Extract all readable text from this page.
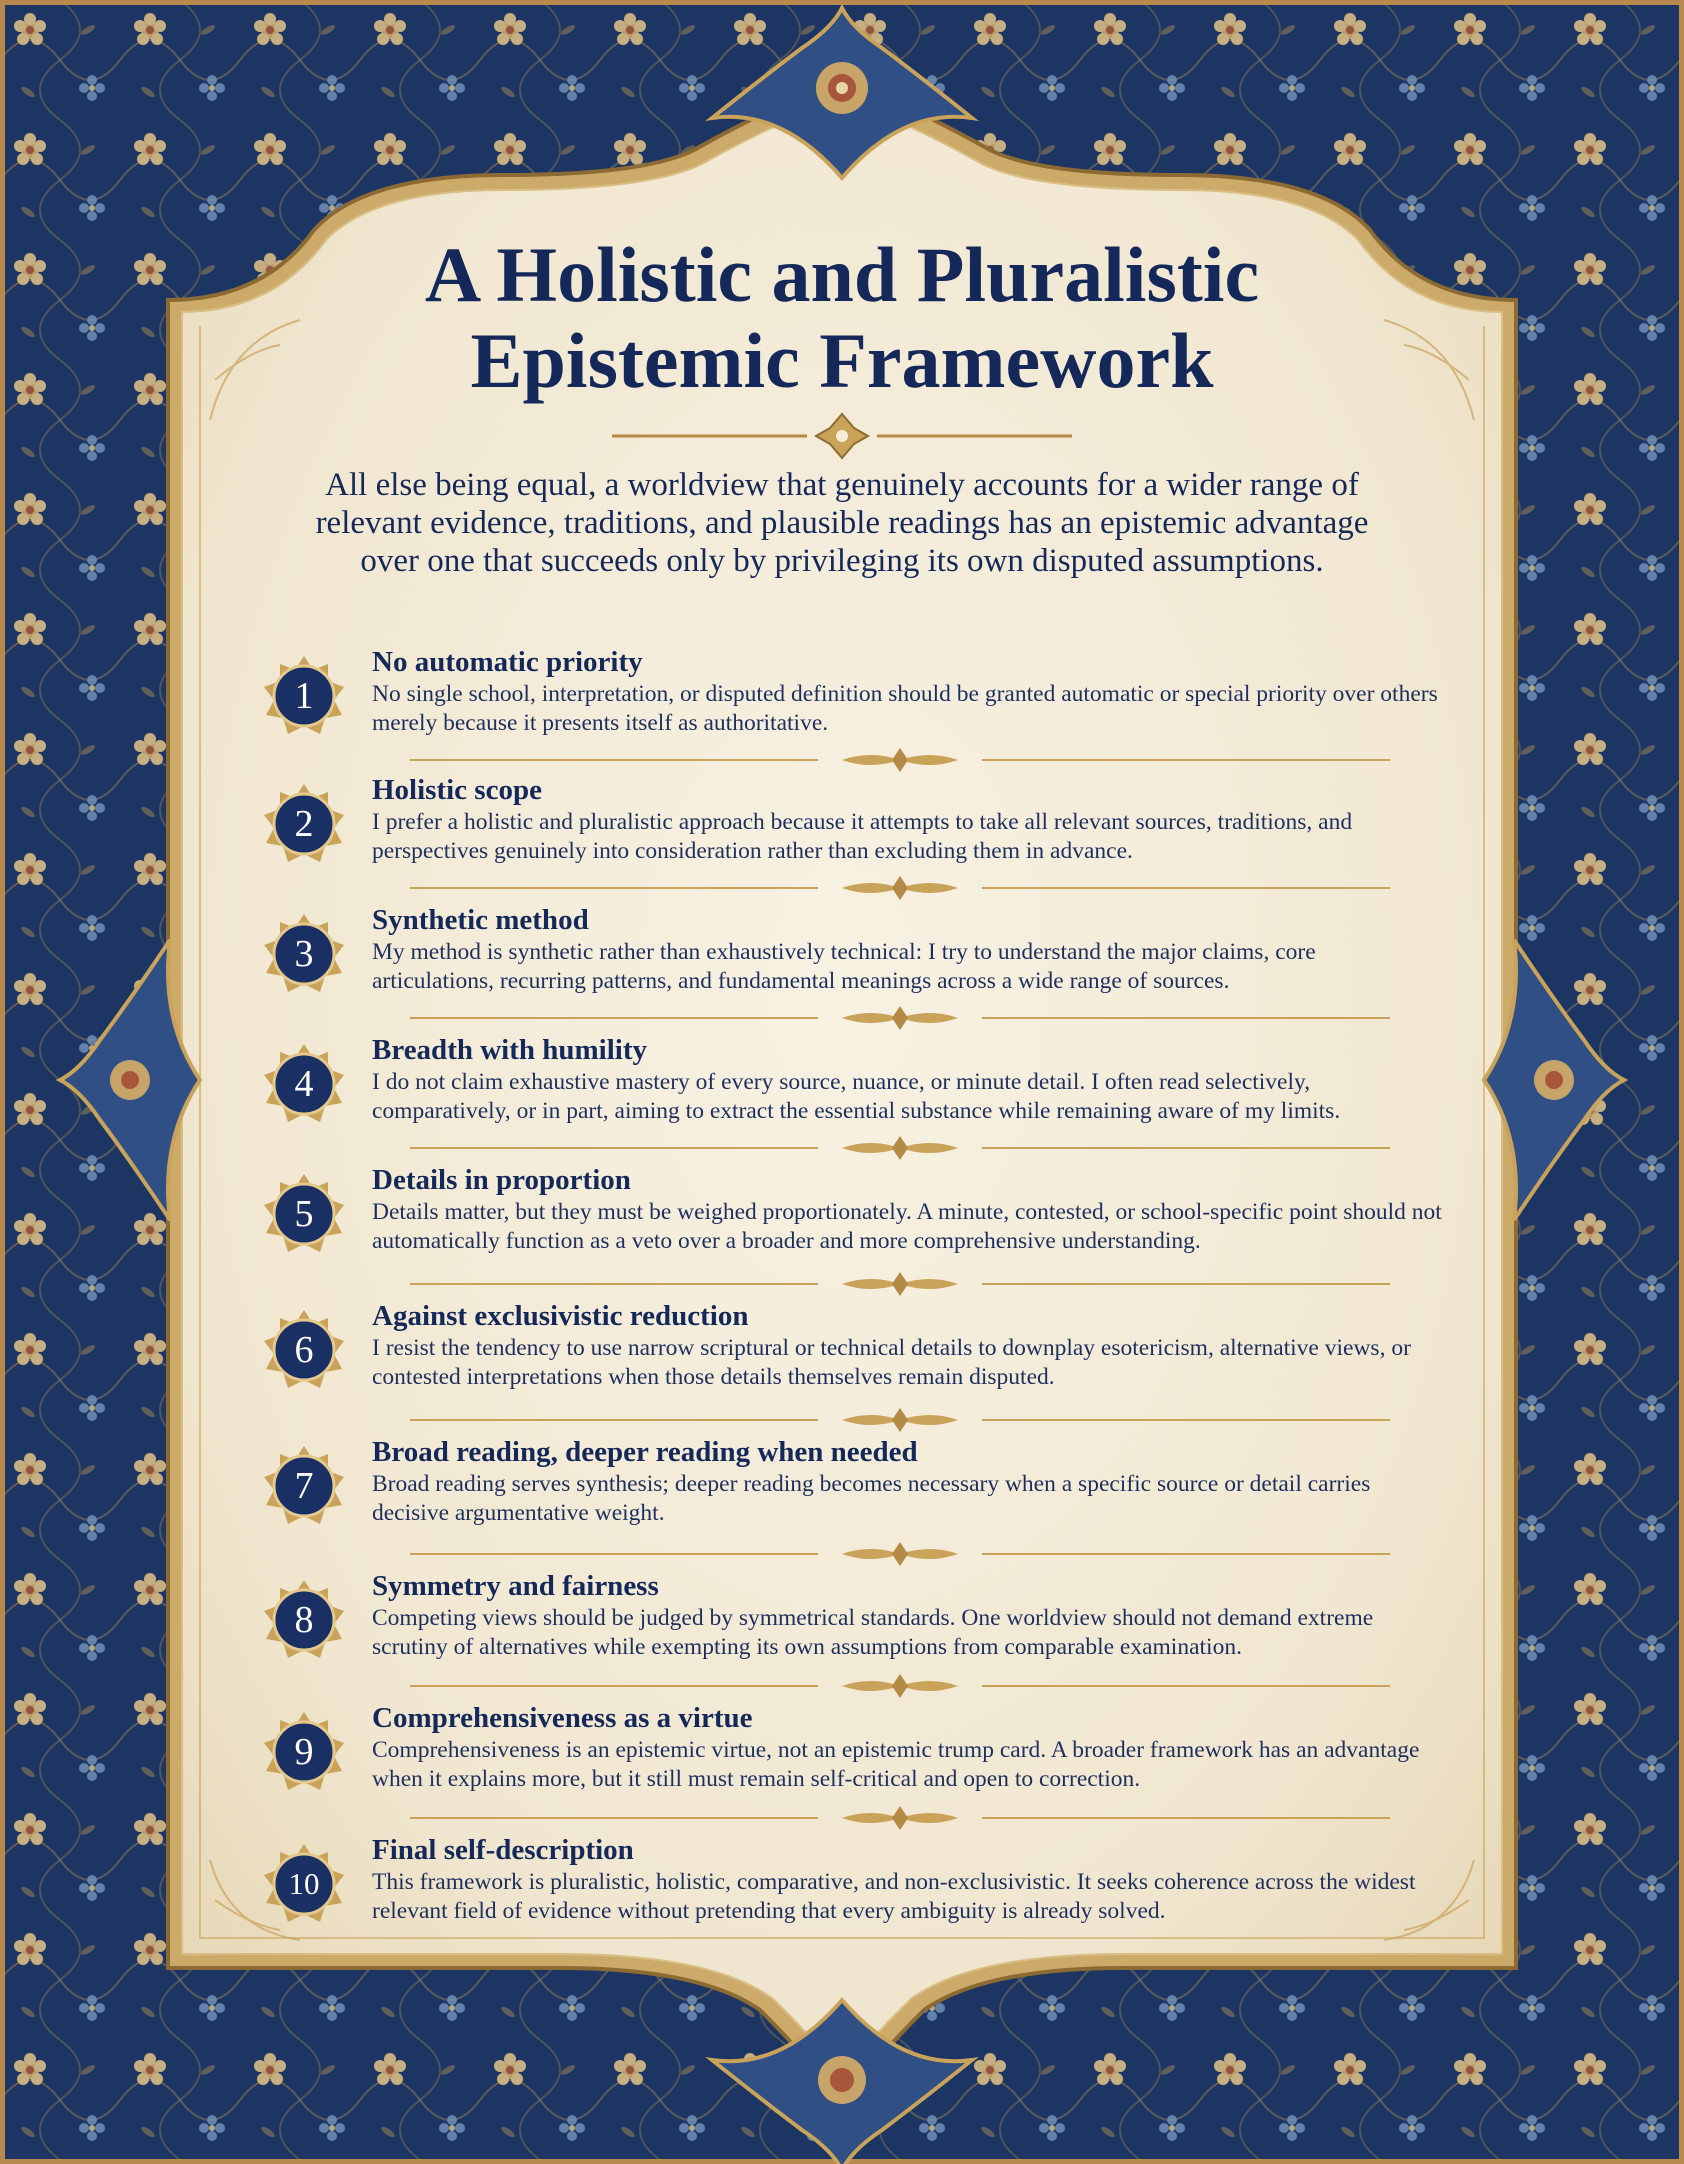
A Holistic and Pluralistic
Epistemic Framework

All else being equal, a worldview that genuinely accounts for a wider range of relevant evidence, traditions, and plausible readings has an epistemic advantage over one that succeeds only by privileging its own disputed assumptions.

1
No automatic priority

No single school, interpretation, or disputed definition should be granted automatic or special priority over others merely because it presents itself as authoritative.

2
Holistic scope

I prefer a holistic and pluralistic approach because it attempts to take all relevant sources, traditions, and perspectives genuinely into consideration rather than excluding them in advance.

3
Synthetic method

My method is synthetic rather than exhaustively technical: I try to understand the major claims, core articulations, recurring patterns, and fundamental meanings across a wide range of sources.

4
Breadth with humility

I do not claim exhaustive mastery of every source, nuance, or minute detail. I often read selectively, comparatively, or in part, aiming to extract the essential substance while remaining aware of my limits.

5
Details in proportion

Details matter, but they must be weighed proportionately. A minute, contested, or school-specific point should not automatically function as a veto over a broader and more comprehensive understanding.

6
Against exclusivistic reduction

I resist the tendency to use narrow scriptural or technical details to downplay esotericism, alternative views, or contested interpretations when those details themselves remain disputed.

7
Broad reading, deeper reading when needed

Broad reading serves synthesis; deeper reading becomes necessary when a specific source or detail carries decisive argumentative weight.

8
Symmetry and fairness

Competing views should be judged by symmetrical standards. One worldview should not demand extreme scrutiny of alternatives while exempting its own assumptions from comparable examination.

9
Comprehensiveness as a virtue

Comprehensiveness is an epistemic virtue, not an epistemic trump card. A broader framework has an advantage when it explains more, but it still must remain self-critical and open to correction.

10
Final self-description

This framework is pluralistic, holistic, comparative, and non-exclusivistic. It seeks coherence across the widest relevant field of evidence without pretending that every ambiguity is already solved.
